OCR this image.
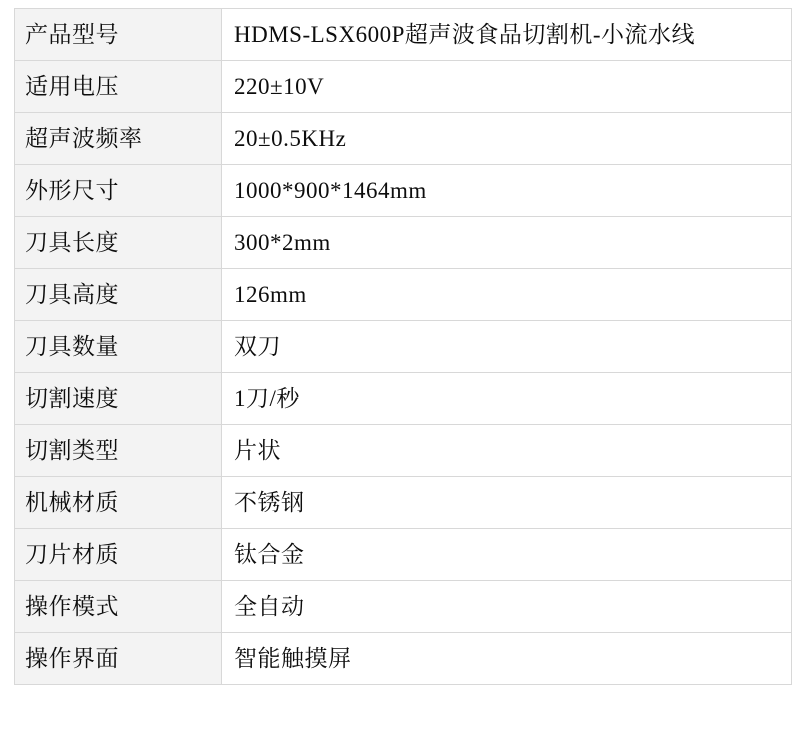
产品型号	HDMS-LSX600P超声波食品切割机-小流水线
适用电压	220±10V
超声波频率	20±0.5KHz
外形尺寸	1000*900*1464mm
刀具长度	300*2mm
刀具高度	126mm
刀具数量	双刀
切割速度	1刀/秒
切割类型	片状
机械材质	不锈钢
刀片材质	钛合金
操作模式	全自动
操作界面	智能触摸屏
